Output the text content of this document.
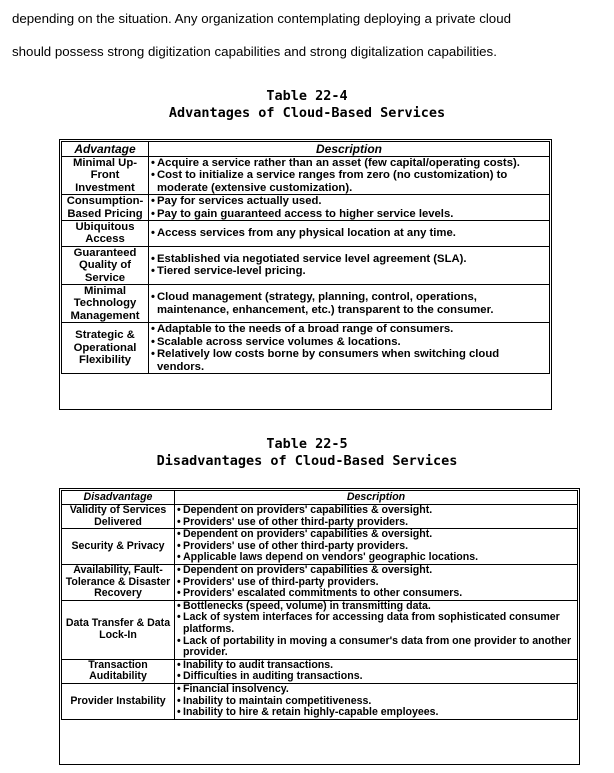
depending on the situation. Any organization contemplating deploying a private cloud

should possess strong digitization capabilities and strong digitalization capabilities.

Table 22-4
Advantages of Cloud-Based Services
Advantage	Description
Minimal Up-Front Investment	• Acquire a service rather than an asset (few capital/operating costs).
• Cost to initialize a service ranges from zero (no customization) to moderate (extensive customization).

Consumption-Based Pricing	• Pay for services actually used.
• Pay to gain guaranteed access to higher service levels.

Ubiquitous Access	• Access services from any physical location at any time.

Guaranteed Quality of Service	• Established via negotiated service level agreement (SLA).
• Tiered service-level pricing.

Minimal Technology Management	• Cloud management (strategy, planning, control, operations, maintenance, enhancement, etc.) transparent to the consumer.

Strategic & Operational Flexibility	• Adaptable to the needs of a broad range of consumers.
• Scalable across service volumes & locations.
• Relatively low costs borne by consumers when switching cloud vendors.
Table 22-5
Disadvantages of Cloud-Based Services
Disadvantage	Description
Validity of Services Delivered	• Dependent on providers' capabilities & oversight.
• Providers' use of other third-party providers.

Security & Privacy	• Dependent on providers' capabilities & oversight.
• Providers' use of other third-party providers.
• Applicable laws depend on vendors' geographic locations.

Availability, Fault-Tolerance & Disaster Recovery	• Dependent on providers' capabilities & oversight.
• Providers' use of third-party providers.
• Providers' escalated commitments to other consumers.

Data Transfer & Data Lock-In	• Bottlenecks (speed, volume) in transmitting data.
• Lack of system interfaces for accessing data from sophisticated consumer platforms.
• Lack of portability in moving a consumer's data from one provider to another provider.

Transaction Auditability	• Inability to audit transactions.
• Difficulties in auditing transactions.

Provider Instability	• Financial insolvency.
• Inability to maintain competitiveness.
• Inability to hire & retain highly-capable employees.
